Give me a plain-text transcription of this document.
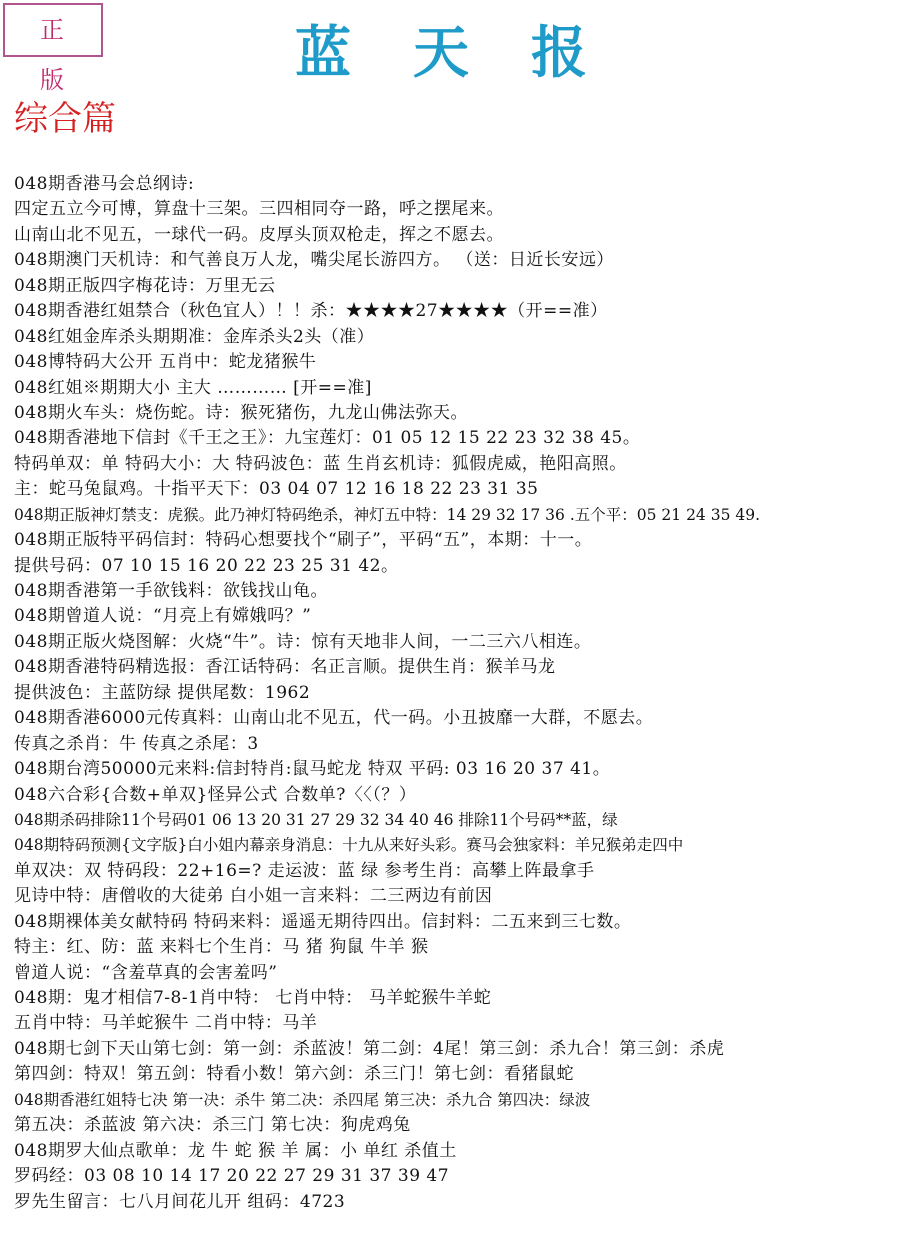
正 版	蓝天报
综合篇
048期香港马会总纲诗:
四定五立今可博，算盘十三架。三四相同夺一路，呼之摆尾来。
山南山北不见五，一球代一码。皮厚头顶双枪走，挥之不愿去。
048期澳门天机诗：和气善良万人龙，嘴尖尾长游四方。 （送：日近长安远）
048期正版四字梅花诗：万里无云
048期香港红姐禁合（秋色宜人）！！杀：★★★★27★★★★（开==准）
048红姐金库杀头期期准：金库杀头2头（准）
048博特码大公开 五肖中：蛇龙猪猴牛
048红姐※期期大小 主大 ………… [开==准]
048期火车头：烧伤蛇。诗：猴死猪伤，九龙山佛法弥天。
048期香港地下信封《千王之王》：九宝莲灯：01 05 12 15 22 23 32 38 45。
特码单双：单 特码大小：大 特码波色：蓝 生肖玄机诗：狐假虎威，艳阳高照。
主：蛇马兔鼠鸡。十指平天下：03 04 07 12 16 18 22 23 31 35
048期正版神灯禁支：虎猴。此乃神灯特码绝杀，神灯五中特：14 29 32 17 36 .五个平：05 21 24 35 49.
048期正版特平码信封：特码心想要找个“刷子”，平码“五”，本期：十一。
提供号码：07 10 15 16 20 22 23 25 31 42。
048期香港第一手欲钱料：欲钱找山龟。
048期曾道人说：“月亮上有嫦娥吗？”
048期正版火烧图解：火烧“牛”。诗：惊有天地非人间，一二三六八相连。
048期香港特码精选报：香江话特码：名正言顺。提供生肖：猴羊马龙
提供波色：主蓝防绿 提供尾数：1962
048期香港6000元传真料：山南山北不见五，代一码。小丑披靡一大群，不愿去。
传真之杀肖：牛 传真之杀尾：3
048期台湾50000元来料:信封特肖:鼠马蛇龙 特双 平码: 03 16 20 37 41。
048六合彩{合数+单双}怪异公式 合数单?〈〈（？）
048期杀码排除11个号码01 06 13 20 31 27 29 32 34 40 46 排除11个号码**蓝，绿
048期特码预测{文字版}白小姐内幕亲身消息：十九从来好头彩。赛马会独家料：羊兄猴弟走四中
单双决：双 特码段：22+16=? 走运波：蓝 绿 参考生肖：高攀上阵最拿手
见诗中特：唐僧收的大徒弟 白小姐一言来料：二三两边有前因
048期裸体美女献特码 特码来料：遥遥无期待四出。信封料：二五来到三七数。
特主：红、防：蓝 来料七个生肖：马 猪 狗鼠 牛羊 猴
曾道人说：“含羞草真的会害羞吗”
048期：鬼才相信7-8-1肖中特： 七肖中特： 马羊蛇猴牛羊蛇
五肖中特：马羊蛇猴牛 二肖中特：马羊
048期七剑下天山第七剑：第一剑：杀蓝波！第二剑：4尾！第三剑：杀九合！第三剑：杀虎
第四剑：特双！第五剑：特看小数！第六剑：杀三门！第七剑：看猪鼠蛇
048期香港红姐特七决 第一决：杀牛 第二决：杀四尾 第三决：杀九合 第四决：绿波
第五决：杀蓝波 第六决：杀三门 第七决：狗虎鸡兔
048期罗大仙点歌单：龙 牛 蛇 猴 羊 属：小 单红 杀值土
罗码经：03 08 10 14 17 20 22 27 29 31 37 39 47
罗先生留言：七八月间花儿开 组码：4723
